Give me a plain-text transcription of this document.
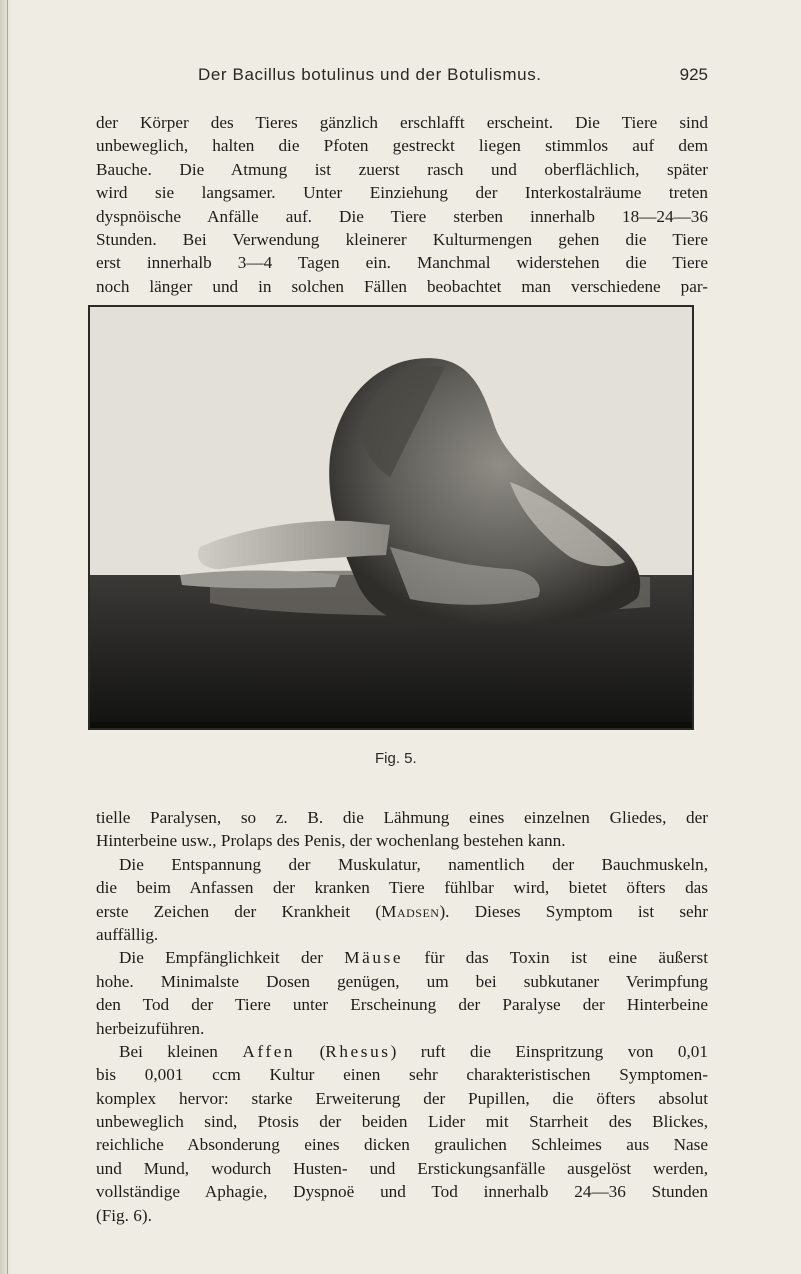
Der Bacillus botulinus und der Botulismus.	925
der Körper des Tieres gänzlich erschlafft erscheint. Die Tiere sind
unbeweglich, halten die Pfoten gestreckt liegen stimmlos auf dem
Bauche. Die Atmung ist zuerst rasch und oberflächlich, später
wird sie langsamer. Unter Einziehung der Interkostalräume treten
dyspnöische Anfälle auf. Die Tiere sterben innerhalb 18—24—36
Stunden. Bei Verwendung kleinerer Kulturmengen gehen die Tiere
erst innerhalb 3—4 Tagen ein. Manchmal widerstehen die Tiere
noch länger und in solchen Fällen beobachtet man verschiedene par-
Fig. 5.
tielle Paralysen, so z. B. die Lähmung eines einzelnen Gliedes, der
Hinterbeine usw., Prolaps des Penis, der wochenlang bestehen kann.
Die Entspannung der Muskulatur, namentlich der Bauchmuskeln,
die beim Anfassen der kranken Tiere fühlbar wird, bietet öfters das
erste Zeichen der Krankheit (Madsen). Dieses Symptom ist sehr
auffällig.
Die Empfänglichkeit der Mäuse für das Toxin ist eine äußerst
hohe. Minimalste Dosen genügen, um bei subkutaner Verimpfung
den Tod der Tiere unter Erscheinung der Paralyse der Hinterbeine
herbeizuführen.
Bei kleinen Affen (Rhesus) ruft die Einspritzung von 0,01
bis 0,001 ccm Kultur einen sehr charakteristischen Symptomen-
komplex hervor: starke Erweiterung der Pupillen, die öfters absolut
unbeweglich sind, Ptosis der beiden Lider mit Starrheit des Blickes,
reichliche Absonderung eines dicken graulichen Schleimes aus Nase
und Mund, wodurch Husten- und Erstickungsanfälle ausgelöst werden,
vollständige Aphagie, Dyspnoë und Tod innerhalb 24—36 Stunden
(Fig. 6).
